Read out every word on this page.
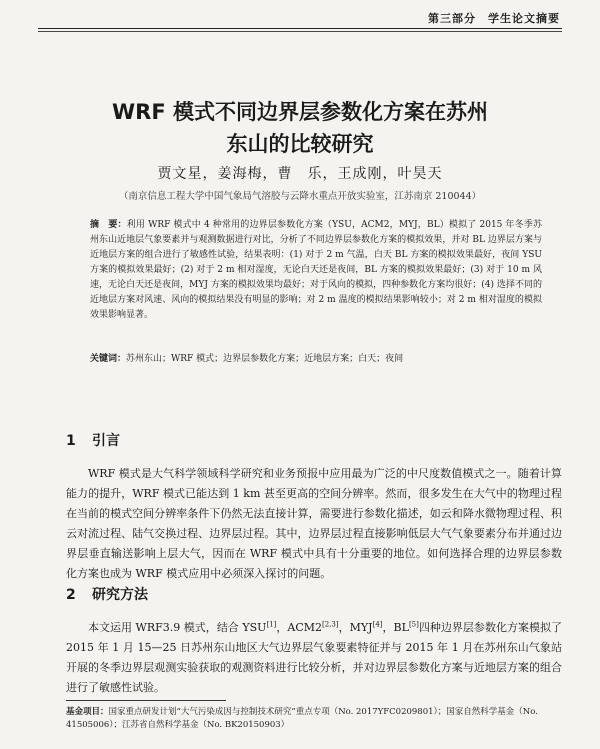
第三部分　学生论文摘要
WRF 模式不同边界层参数化方案在苏州
东山的比较研究
贾文星，姜海梅，曹　乐，王成刚，叶昊天
（南京信息工程大学中国气象局气溶胶与云降水重点开放实验室，江苏南京 210044）
摘　要：利用 WRF 模式中 4 种常用的边界层参数化方案（YSU，ACM2，MYJ，BL）模拟了 2015 年冬季苏州东山近地层气象要素并与观测数据进行对比，分析了不同边界层参数化方案的模拟效果，并对 BL 边界层方案与近地层方案的组合进行了敏感性试验，结果表明：(1) 对于 2 m 气温，白天 BL 方案的模拟效果最好，夜间 YSU 方案的模拟效果最好；(2) 对于 2 m 相对湿度，无论白天还是夜间，BL 方案的模拟效果最好；(3) 对于 10 m 风速，无论白天还是夜间，MYJ 方案的模拟效果均最好；对于风向的模拟，四种参数化方案均很好；(4) 选择不同的近地层方案对风速、风向的模拟结果没有明显的影响；对 2 m 温度的模拟结果影响较小；对 2 m 相对湿度的模拟效果影响显著。
关键词：苏州东山；WRF 模式；边界层参数化方案；近地层方案；白天；夜间
1 引言
WRF 模式是大气科学领域科学研究和业务预报中应用最为广泛的中尺度数值模式之一。随着计算能力的提升，WRF 模式已能达到 1 km 甚至更高的空间分辨率。然而，很多发生在大气中的物理过程在当前的模式空间分辨率条件下仍然无法直接计算，需要进行参数化描述，如云和降水微物理过程、积云对流过程、陆气交换过程、边界层过程。其中，边界层过程直接影响低层大气气象要素分布并通过边界层垂直输送影响上层大气，因而在 WRF 模式中具有十分重要的地位。如何选择合理的边界层参数化方案也成为 WRF 模式应用中必须深入探讨的问题。
2 研究方法
本文运用 WRF3.9 模式，结合 YSU[1]，ACM2[2,3]，MYJ[4]，BL[5]四种边界层参数化方案模拟了 2015 年 1 月 15—25 日苏州东山地区大气边界层气象要素特征并与 2015 年 1 月在苏州东山气象站开展的冬季边界层观测实验获取的观测资料进行比较分析，并对边界层参数化方案与近地层方案的组合进行了敏感性试验。
基金项目：国家重点研发计划“大气污染成因与控制技术研究”重点专项（No. 2017YFC0209801）；国家自然科学基金（No. 41505006）；江苏省自然科学基金（No. BK20150903）
